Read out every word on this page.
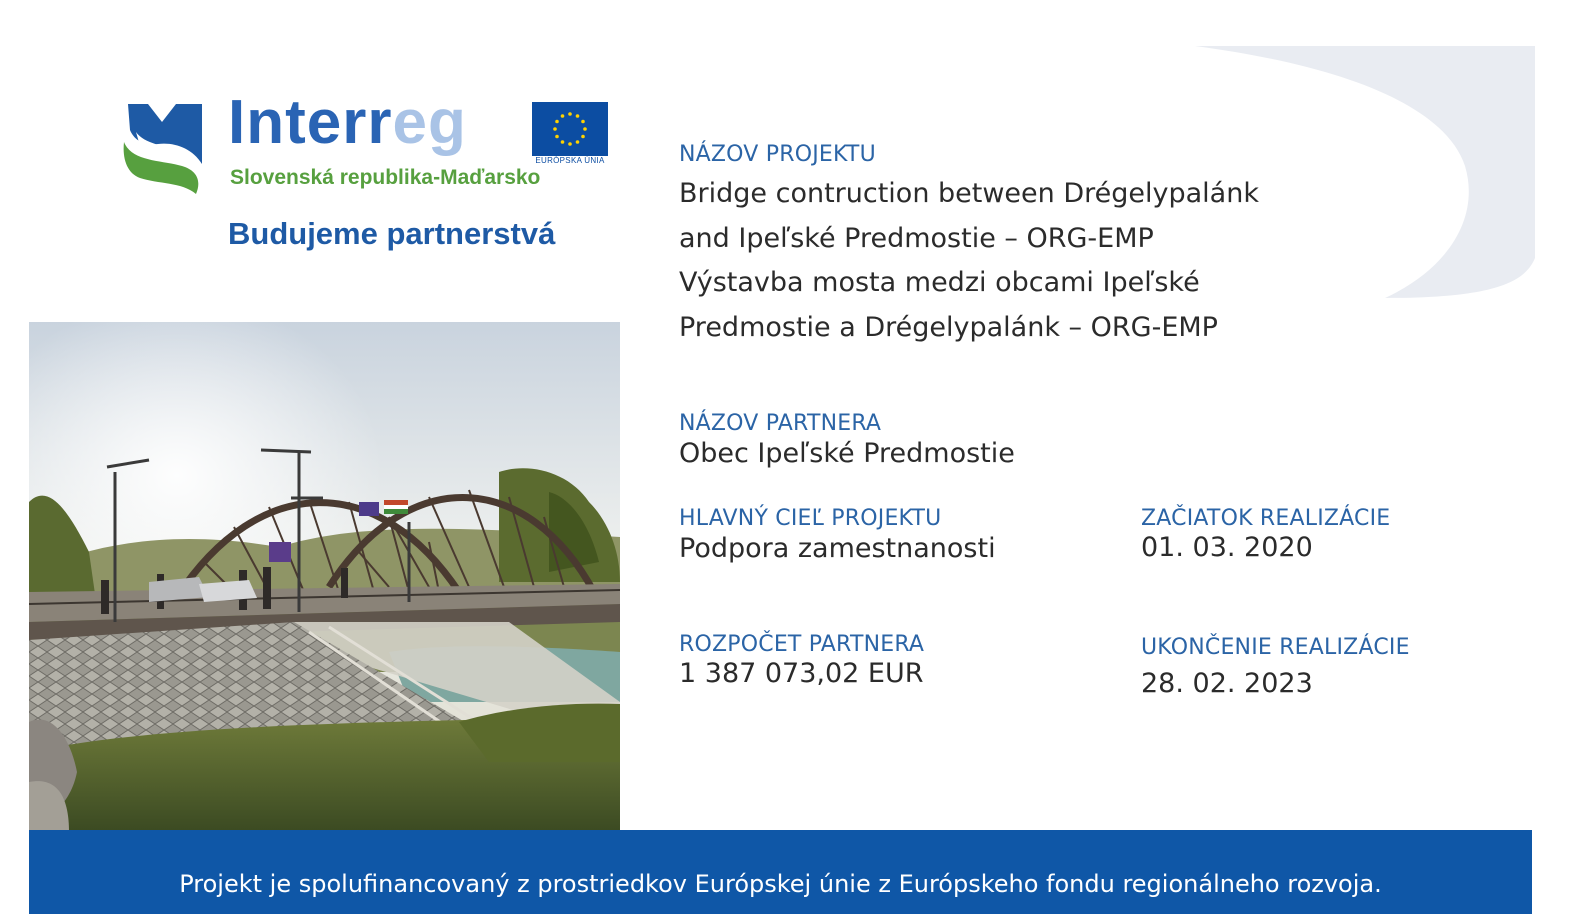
Interreg
EURÓPSKA ÚNIA
Slovenská republika-Maďarsko
Budujeme partnerstvá
NÁZOV PROJEKTU
Bridge contruction between Drégelypalánk
and Ipeľské Predmostie – ORG-EMP
Výstavba mosta medzi obcami Ipeľské
Predmostie a Drégelypalánk – ORG-EMP
NÁZOV PARTNERA
Obec Ipeľské Predmostie
HLAVNÝ CIEĽ PROJEKTU
Podpora zamestnanosti
ZAČIATOK REALIZÁCIE
01. 03. 2020
ROZPOČET PARTNERA
1 387 073,02 EUR
UKONČENIE REALIZÁCIE
28. 02. 2023
Projekt je spolufinancovaný z prostriedkov Európskej únie z Európskeho fondu regionálneho rozvoja.
